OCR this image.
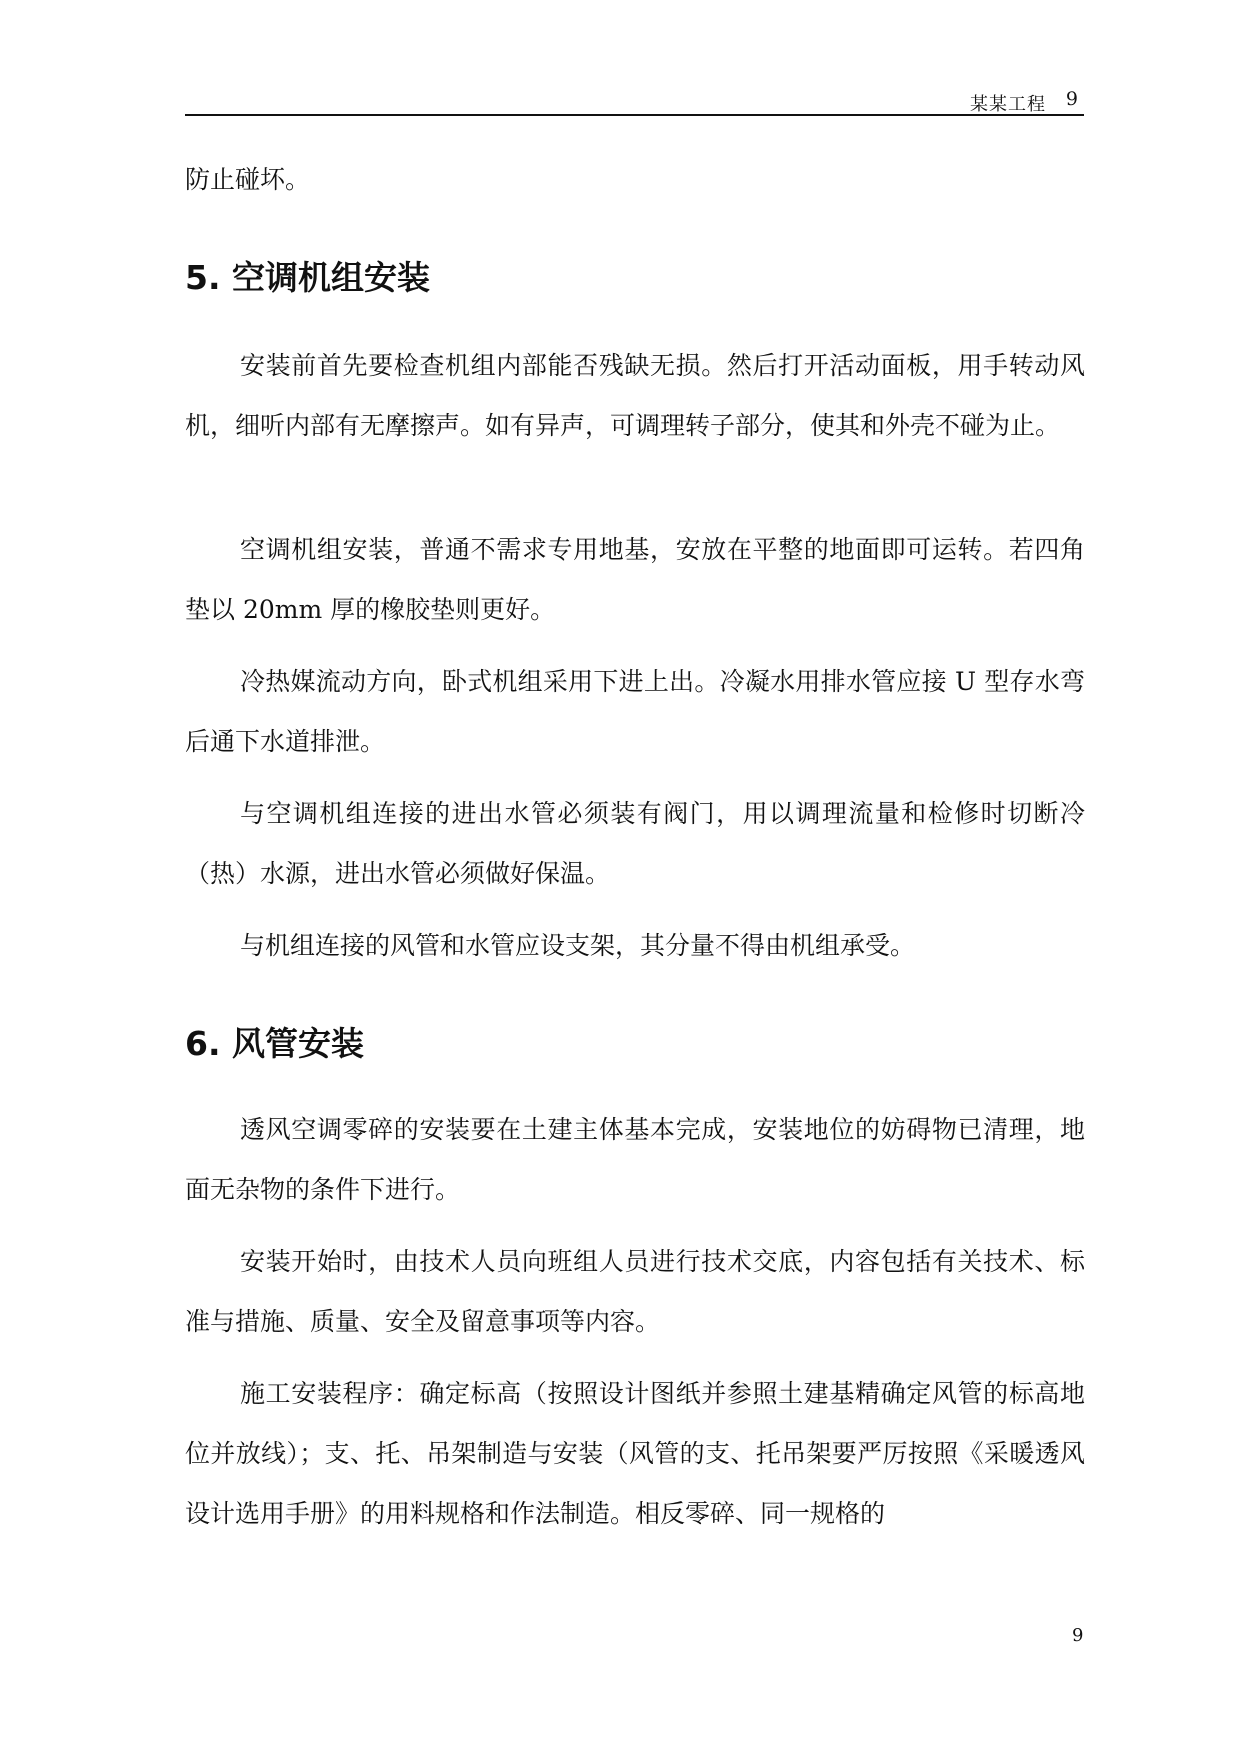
某某工程 9

防止碰坏。

5. 空调机组安装

安装前首先要检查机组内部能否残缺无损。然后打开活动面板，用手转动风机，细听内部有无摩擦声。如有异声，可调理转子部分，使其和外壳不碰为止。

空调机组安装，普通不需求专用地基，安放在平整的地面即可运转。若四角垫以 20mm 厚的橡胶垫则更好。

冷热媒流动方向，卧式机组采用下进上出。冷凝水用排水管应接 U 型存水弯后通下水道排泄。

与空调机组连接的进出水管必须装有阀门，用以调理流量和检修时切断冷（热）水源，进出水管必须做好保温。

与机组连接的风管和水管应设支架，其分量不得由机组承受。

6. 风管安装

透风空调零碎的安装要在土建主体基本完成，安装地位的妨碍物已清理，地面无杂物的条件下进行。

安装开始时，由技术人员向班组人员进行技术交底，内容包括有关技术、标准与措施、质量、安全及留意事项等内容。

施工安装程序：确定标高（按照设计图纸并参照土建基精确定风管的标高地位并放线）；支、托、吊架制造与安装（风管的支、托吊架要严厉按照《采暖透风设计选用手册》的用料规格和作法制造。相反零碎、同一规格的

9
